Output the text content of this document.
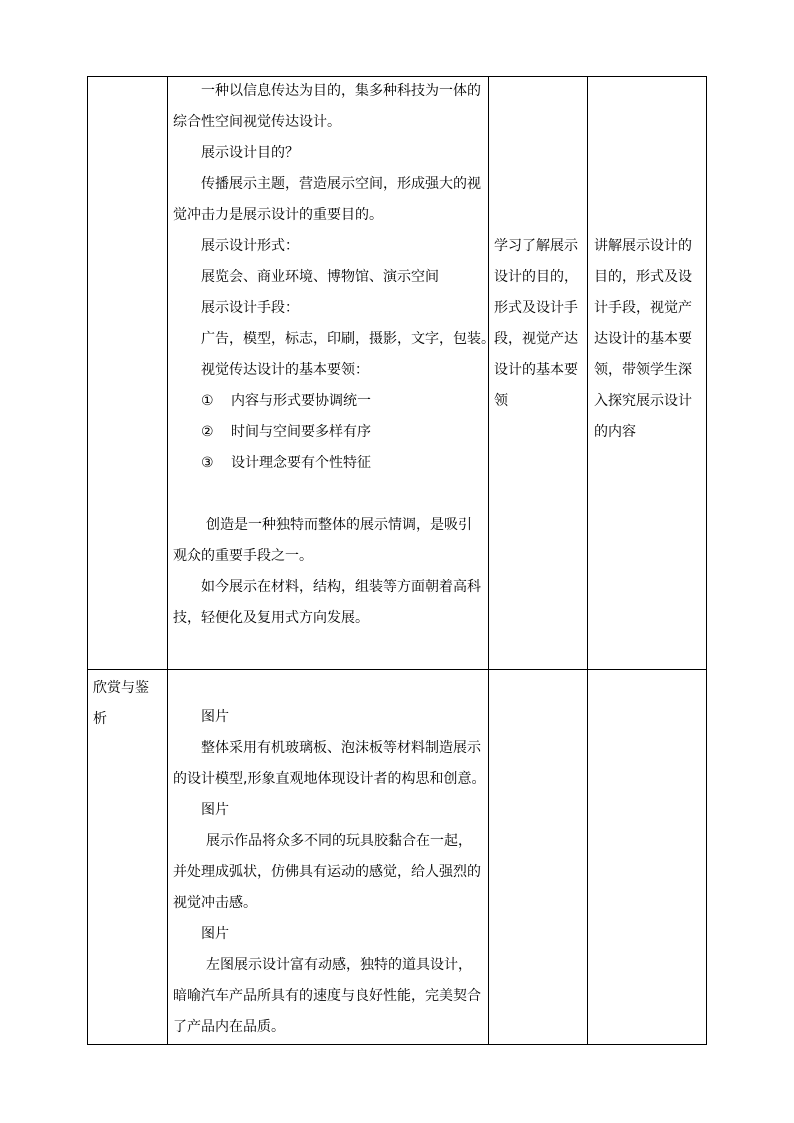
一种以信息传达为目的，集多种科技为一体的

综合性空间视觉传达设计。

展示设计目的？

传播展示主题，营造展示空间，形成强大的视

觉冲击力是展示设计的重要目的。

展示设计形式：

展览会、商业环境、博物馆、演示空间

展示设计手段：

广告，模型，标志，印刷，摄影，文字，包装。

视觉传达设计的基本要领：

① 内容与形式要协调统一

② 时间与空间要多样有序

③ 设计理念要有个性特征

创造是一种独特而整体的展示情调，是吸引

观众的重要手段之一。

如今展示在材料，结构，组装等方面朝着高科

技，轻便化及复用式方向发展。

学习了解展示

设计的目的，

形式及设计手

段，视觉产达

设计的基本要

领

讲解展示设计的

目的，形式及设

计手段，视觉产

达设计的基本要

领，带领学生深

入探究展示设计

的内容

欣赏与鉴

析	图片

整体采用有机玻璃板、泡沫板等材料制造展示

的设计模型,形象直观地体现设计者的构思和创意。

图片

展示作品将众多不同的玩具胶黏合在一起，

并处理成弧状，仿佛具有运动的感觉，给人强烈的

视觉冲击感。

图片

左图展示设计富有动感，独特的道具设计，

暗喻汽车产品所具有的速度与良好性能，完美契合

了产品内在品质。
